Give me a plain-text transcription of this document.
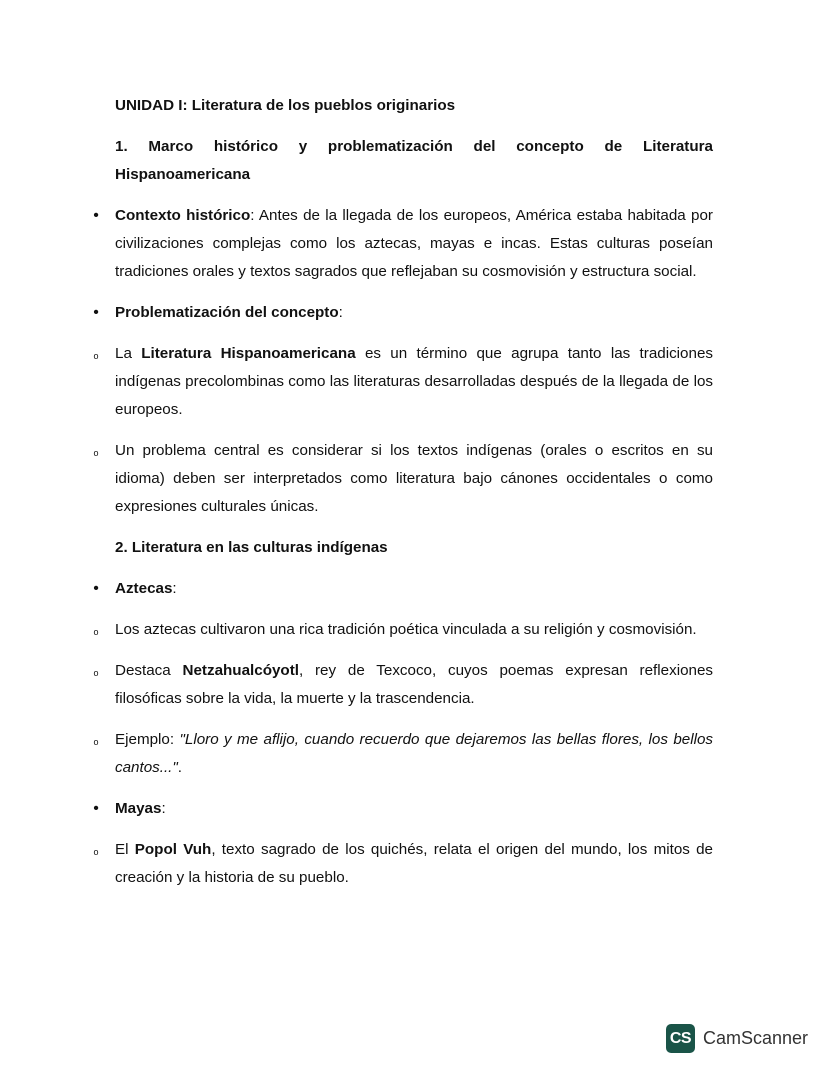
UNIDAD I: Literatura de los pueblos originarios

1. Marco histórico y problematización del concepto de Literatura Hispanoamericana

• Contexto histórico: Antes de la llegada de los europeos, América estaba habitada por civilizaciones complejas como los aztecas, mayas e incas. Estas culturas poseían tradiciones orales y textos sagrados que reflejaban su cosmovisión y estructura social.

• Problematización del concepto:

o La Literatura Hispanoamericana es un término que agrupa tanto las tradiciones indígenas precolombinas como las literaturas desarrolladas después de la llegada de los europeos.

o Un problema central es considerar si los textos indígenas (orales o escritos en su idioma) deben ser interpretados como literatura bajo cánones occidentales o como expresiones culturales únicas.

2. Literatura en las culturas indígenas

• Aztecas:

o Los aztecas cultivaron una rica tradición poética vinculada a su religión y cosmovisión.

o Destaca Netzahualcóyotl, rey de Texcoco, cuyos poemas expresan reflexiones filosóficas sobre la vida, la muerte y la trascendencia.

o Ejemplo: "Lloro y me aflijo, cuando recuerdo que dejaremos las bellas flores, los bellos cantos...".

• Mayas:

o El Popol Vuh, texto sagrado de los quichés, relata el origen del mundo, los mitos de creación y la historia de su pueblo.

CS CamScanner
